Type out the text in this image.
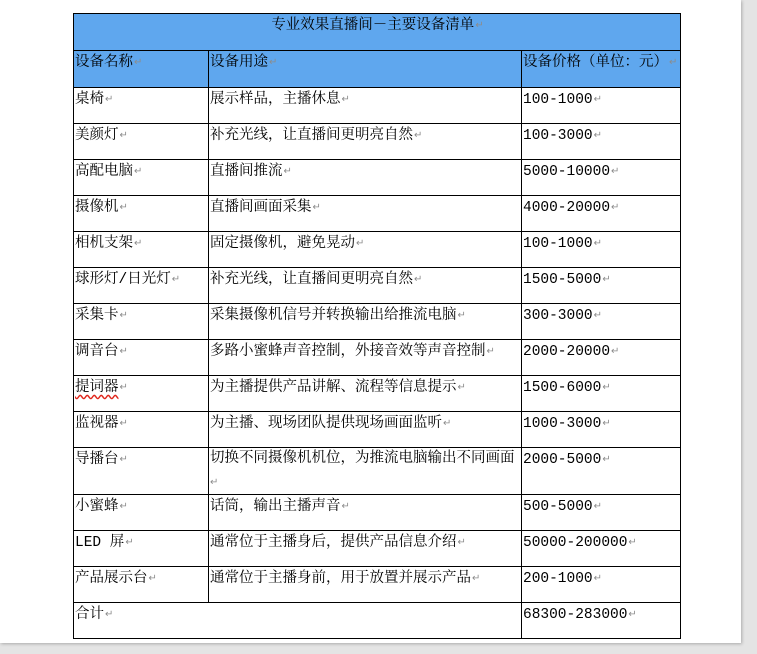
专业效果直播间－主要设备清单 ↵
设备名称 ↵	设备用途 ↵	设备价格（单位：元） ↵
桌椅 ↵	展示样品，主播休息 ↵	100-1000 ↵
美颜灯 ↵	补充光线，让直播间更明亮自然 ↵	100-3000 ↵
高配电脑 ↵	直播间推流 ↵	5000-10000 ↵
摄像机 ↵	直播间画面采集 ↵	4000-20000 ↵
相机支架 ↵	固定摄像机，避免晃动 ↵	100-1000 ↵
球形灯/日光灯 ↵	补充光线，让直播间更明亮自然 ↵	1500-5000 ↵
采集卡 ↵	采集摄像机信号并转换输出给推流电脑 ↵	300-3000 ↵
调音台 ↵	多路小蜜蜂声音控制，外接音效等声音控制 ↵	2000-20000 ↵
提词器 ↵	为主播提供产品讲解、流程等信息提示 ↵	1500-6000 ↵
监视器 ↵	为主播、现场团队提供现场画面监听 ↵	1000-3000 ↵
导播台 ↵	切换不同摄像机机位，为推流电脑输出不同画面 ↵	2000-5000 ↵
小蜜蜂 ↵	话筒，输出主播声音 ↵	500-5000 ↵
LED 屏 ↵	通常位于主播身后，提供产品信息介绍 ↵	50000-200000 ↵
产品展示台 ↵	通常位于主播身前，用于放置并展示产品 ↵	200-1000 ↵
合计 ↵		68300-283000 ↵
